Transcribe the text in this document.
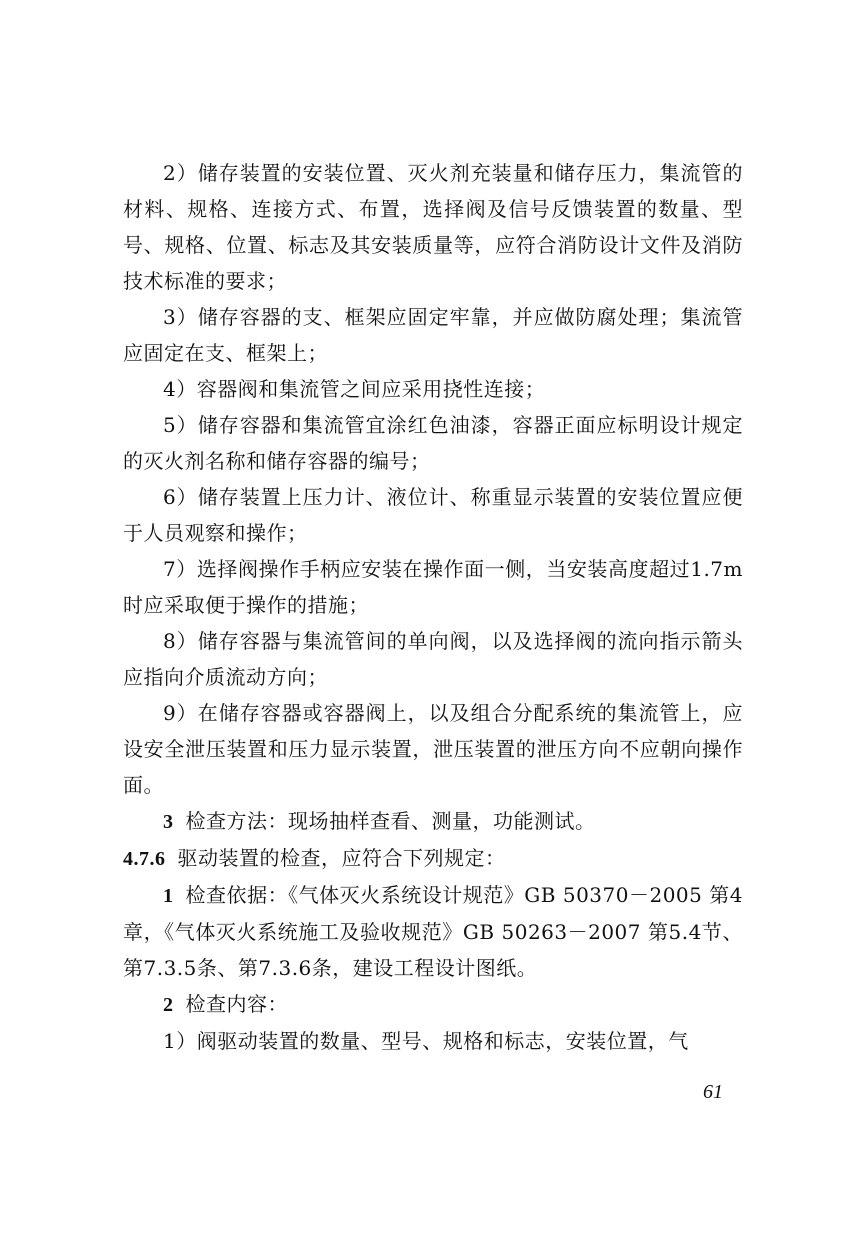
2）储存装置的安装位置、灭火剂充装量和储存压力，集流管的材料、规格、连接方式、布置，选择阀及信号反馈装置的数量、型号、规格、位置、标志及其安装质量等，应符合消防设计文件及消防技术标准的要求；

3）储存容器的支、框架应固定牢靠，并应做防腐处理；集流管应固定在支、框架上；

4）容器阀和集流管之间应采用挠性连接；

5）储存容器和集流管宜涂红色油漆，容器正面应标明设计规定的灭火剂名称和储存容器的编号；

6）储存装置上压力计、液位计、称重显示装置的安装位置应便于人员观察和操作；

7）选择阀操作手柄应安装在操作面一侧，当安装高度超过1.7m时应采取便于操作的措施；

8）储存容器与集流管间的单向阀，以及选择阀的流向指示箭头应指向介质流动方向；

9）在储存容器或容器阀上，以及组合分配系统的集流管上，应设安全泄压装置和压力显示装置，泄压装置的泄压方向不应朝向操作面。

3 检查方法：现场抽样查看、测量，功能测试。

4.7.6 驱动装置的检查，应符合下列规定：

1 检查依据：《气体灭火系统设计规范》GB 50370－2005 第4章，《气体灭火系统施工及验收规范》GB 50263－2007 第5.4节、第7.3.5条、第7.3.6条，建设工程设计图纸。

2 检查内容：

1）阀驱动装置的数量、型号、规格和标志，安装位置，气

61
